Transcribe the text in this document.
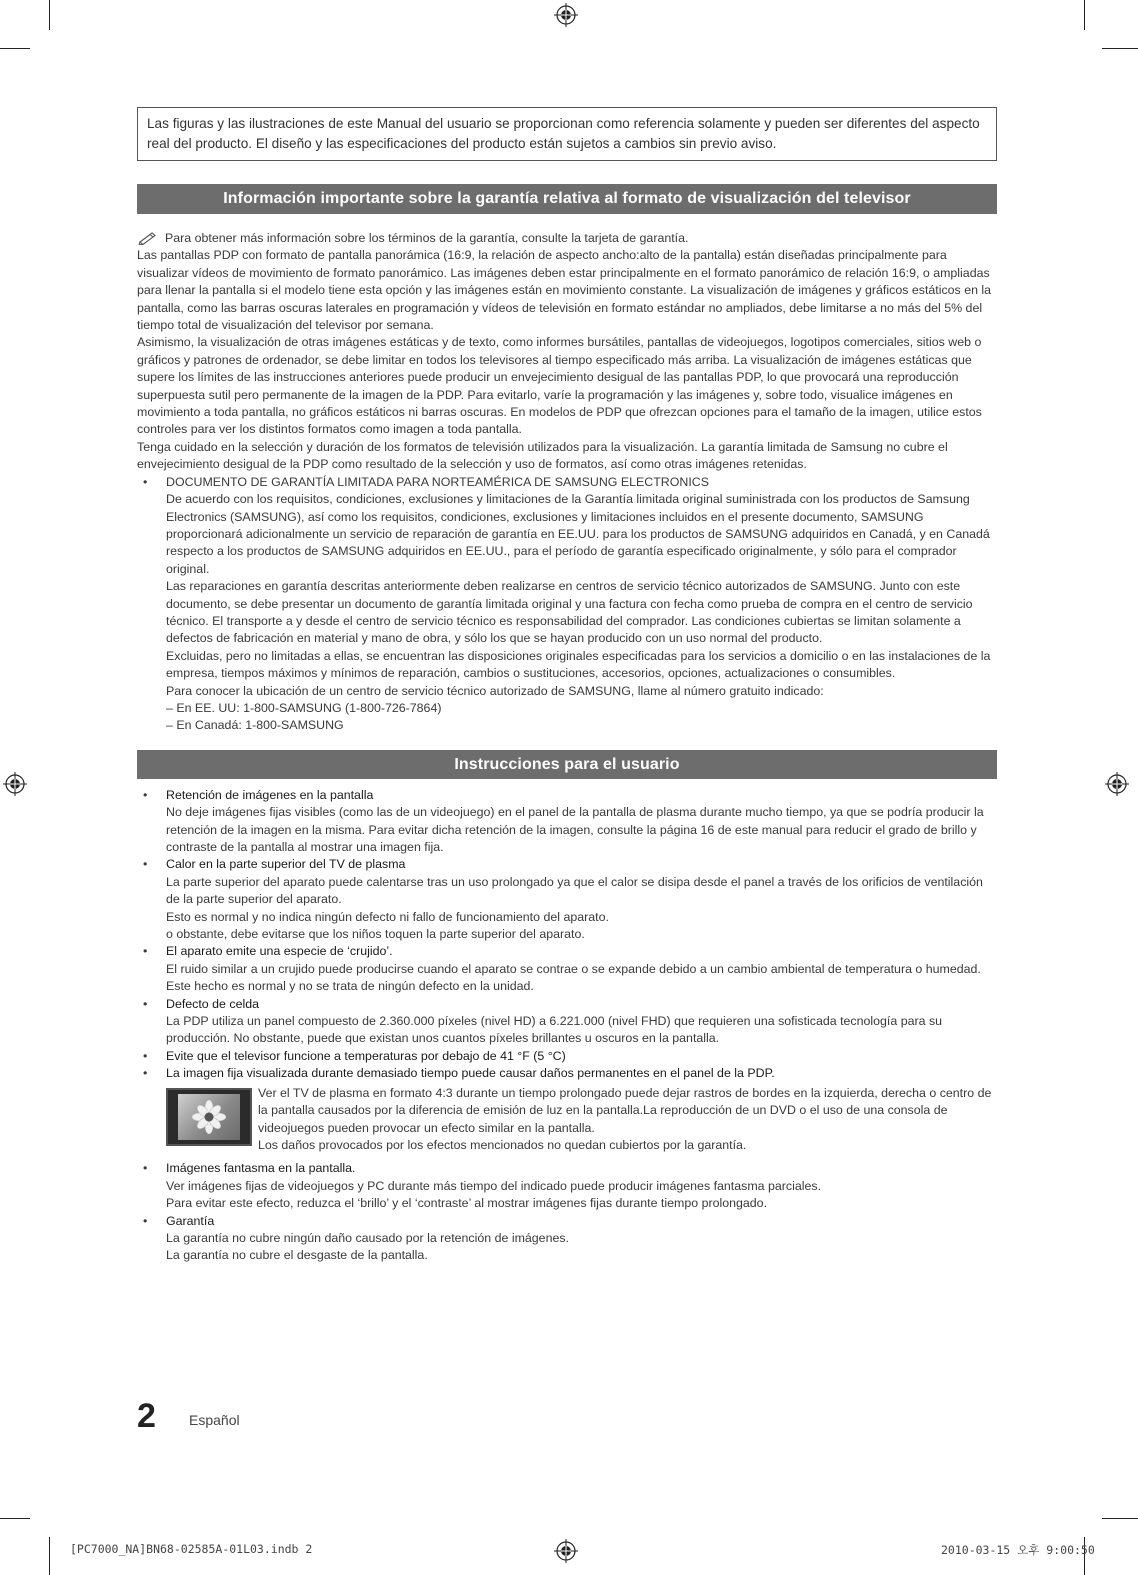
Las figuras y las ilustraciones de este Manual del usuario se proporcionan como referencia solamente y pueden ser diferentes del aspecto real del producto. El diseño y las especificaciones del producto están sujetos a cambios sin previo aviso.

Información importante sobre la garantía relativa al formato de visualización del televisor

Para obtener más información sobre los términos de la garantía, consulte la tarjeta de garantía.

Las pantallas PDP con formato de pantalla panorámica (16:9, la relación de aspecto ancho:alto de la pantalla) están diseñadas principalmente para visualizar vídeos de movimiento de formato panorámico. Las imágenes deben estar principalmente en el formato panorámico de relación 16:9, o ampliadas para llenar la pantalla si el modelo tiene esta opción y las imágenes están en movimiento constante. La visualización de imágenes y gráficos estáticos en la pantalla, como las barras oscuras laterales en programación y vídeos de televisión en formato estándar no ampliados, debe limitarse a no más del 5% del tiempo total de visualización del televisor por semana.

Asimismo, la visualización de otras imágenes estáticas y de texto, como informes bursátiles, pantallas de videojuegos, logotipos comerciales, sitios web o gráficos y patrones de ordenador, se debe limitar en todos los televisores al tiempo especificado más arriba. La visualización de imágenes estáticas que supere los límites de las instrucciones anteriores puede producir un envejecimiento desigual de las pantallas PDP, lo que provocará una reproducción superpuesta sutil pero permanente de la imagen de la PDP. Para evitarlo, varíe la programación y las imágenes y, sobre todo, visualice imágenes en movimiento a toda pantalla, no gráficos estáticos ni barras oscuras. En modelos de PDP que ofrezcan opciones para el tamaño de la imagen, utilice estos controles para ver los distintos formatos como imagen a toda pantalla.

Tenga cuidado en la selección y duración de los formatos de televisión utilizados para la visualización. La garantía limitada de Samsung no cubre el envejecimiento desigual de la PDP como resultado de la selección y uso de formatos, así como otras imágenes retenidas.

• DOCUMENTO DE GARANTÍA LIMITADA PARA NORTEAMÉRICA DE SAMSUNG ELECTRONICS

De acuerdo con los requisitos, condiciones, exclusiones y limitaciones de la Garantía limitada original suministrada con los productos de Samsung Electronics (SAMSUNG), así como los requisitos, condiciones, exclusiones y limitaciones incluidos en el presente documento, SAMSUNG proporcionará adicionalmente un servicio de reparación de garantía en EE.UU. para los productos de SAMSUNG adquiridos en Canadá, y en Canadá respecto a los productos de SAMSUNG adquiridos en EE.UU., para el período de garantía especificado originalmente, y sólo para el comprador original.

Las reparaciones en garantía descritas anteriormente deben realizarse en centros de servicio técnico autorizados de SAMSUNG. Junto con este documento, se debe presentar un documento de garantía limitada original y una factura con fecha como prueba de compra en el centro de servicio técnico. El transporte a y desde el centro de servicio técnico es responsabilidad del comprador. Las condiciones cubiertas se limitan solamente a defectos de fabricación en material y mano de obra, y sólo los que se hayan producido con un uso normal del producto.

Excluidas, pero no limitadas a ellas, se encuentran las disposiciones originales especificadas para los servicios a domicilio o en las instalaciones de la empresa, tiempos máximos y mínimos de reparación, cambios o sustituciones, accesorios, opciones, actualizaciones o consumibles.

Para conocer la ubicación de un centro de servicio técnico autorizado de SAMSUNG, llame al número gratuito indicado:

– En EE. UU: 1-800-SAMSUNG (1-800-726-7864)

– En Canadá: 1-800-SAMSUNG

Instrucciones para el usuario
• Retención de imágenes en la pantalla

No deje imágenes fijas visibles (como las de un videojuego) en el panel de la pantalla de plasma durante mucho tiempo, ya que se podría producir la retención de la imagen en la misma. Para evitar dicha retención de la imagen, consulte la página 16 de este manual para reducir el grado de brillo y contraste de la pantalla al mostrar una imagen fija.

• Calor en la parte superior del TV de plasma

La parte superior del aparato puede calentarse tras un uso prolongado ya que el calor se disipa desde el panel a través de los orificios de ventilación de la parte superior del aparato.

Esto es normal y no indica ningún defecto ni fallo de funcionamiento del aparato.

o obstante, debe evitarse que los niños toquen la parte superior del aparato.

• El aparato emite una especie de ‘crujido’.

El ruido similar a un crujido puede producirse cuando el aparato se contrae o se expande debido a un cambio ambiental de temperatura o humedad. Este hecho es normal y no se trata de ningún defecto en la unidad.

• Defecto de celda

La PDP utiliza un panel compuesto de 2.360.000 píxeles (nivel HD) a 6.221.000 (nivel FHD) que requieren una sofisticada tecnología para su producción. No obstante, puede que existan unos cuantos píxeles brillantes u oscuros en la pantalla.

• Evite que el televisor funcione a temperaturas por debajo de 41 °F (5 °C)

• La imagen fija visualizada durante demasiado tiempo puede causar daños permanentes en el panel de la PDP.

Ver el TV de plasma en formato 4:3 durante un tiempo prolongado puede dejar rastros de bordes en la izquierda, derecha o centro de la pantalla causados por la diferencia de emisión de luz en la pantalla.La reproducción de un DVD o el uso de una consola de videojuegos pueden provocar un efecto similar en la pantalla.

Los daños provocados por los efectos mencionados no quedan cubiertos por la garantía.

• Imágenes fantasma en la pantalla.

Ver imágenes fijas de videojuegos y PC durante más tiempo del indicado puede producir imágenes fantasma parciales.

Para evitar este efecto, reduzca el ‘brillo’ y el ‘contraste’ al mostrar imágenes fijas durante tiempo prolongado.

• Garantía

La garantía no cubre ningún daño causado por la retención de imágenes.

La garantía no cubre el desgaste de la pantalla.

2 Español
[PC7000_NA]BN68-02585A-01L03.indb 2	2010-03-15 오후 9:00:50
